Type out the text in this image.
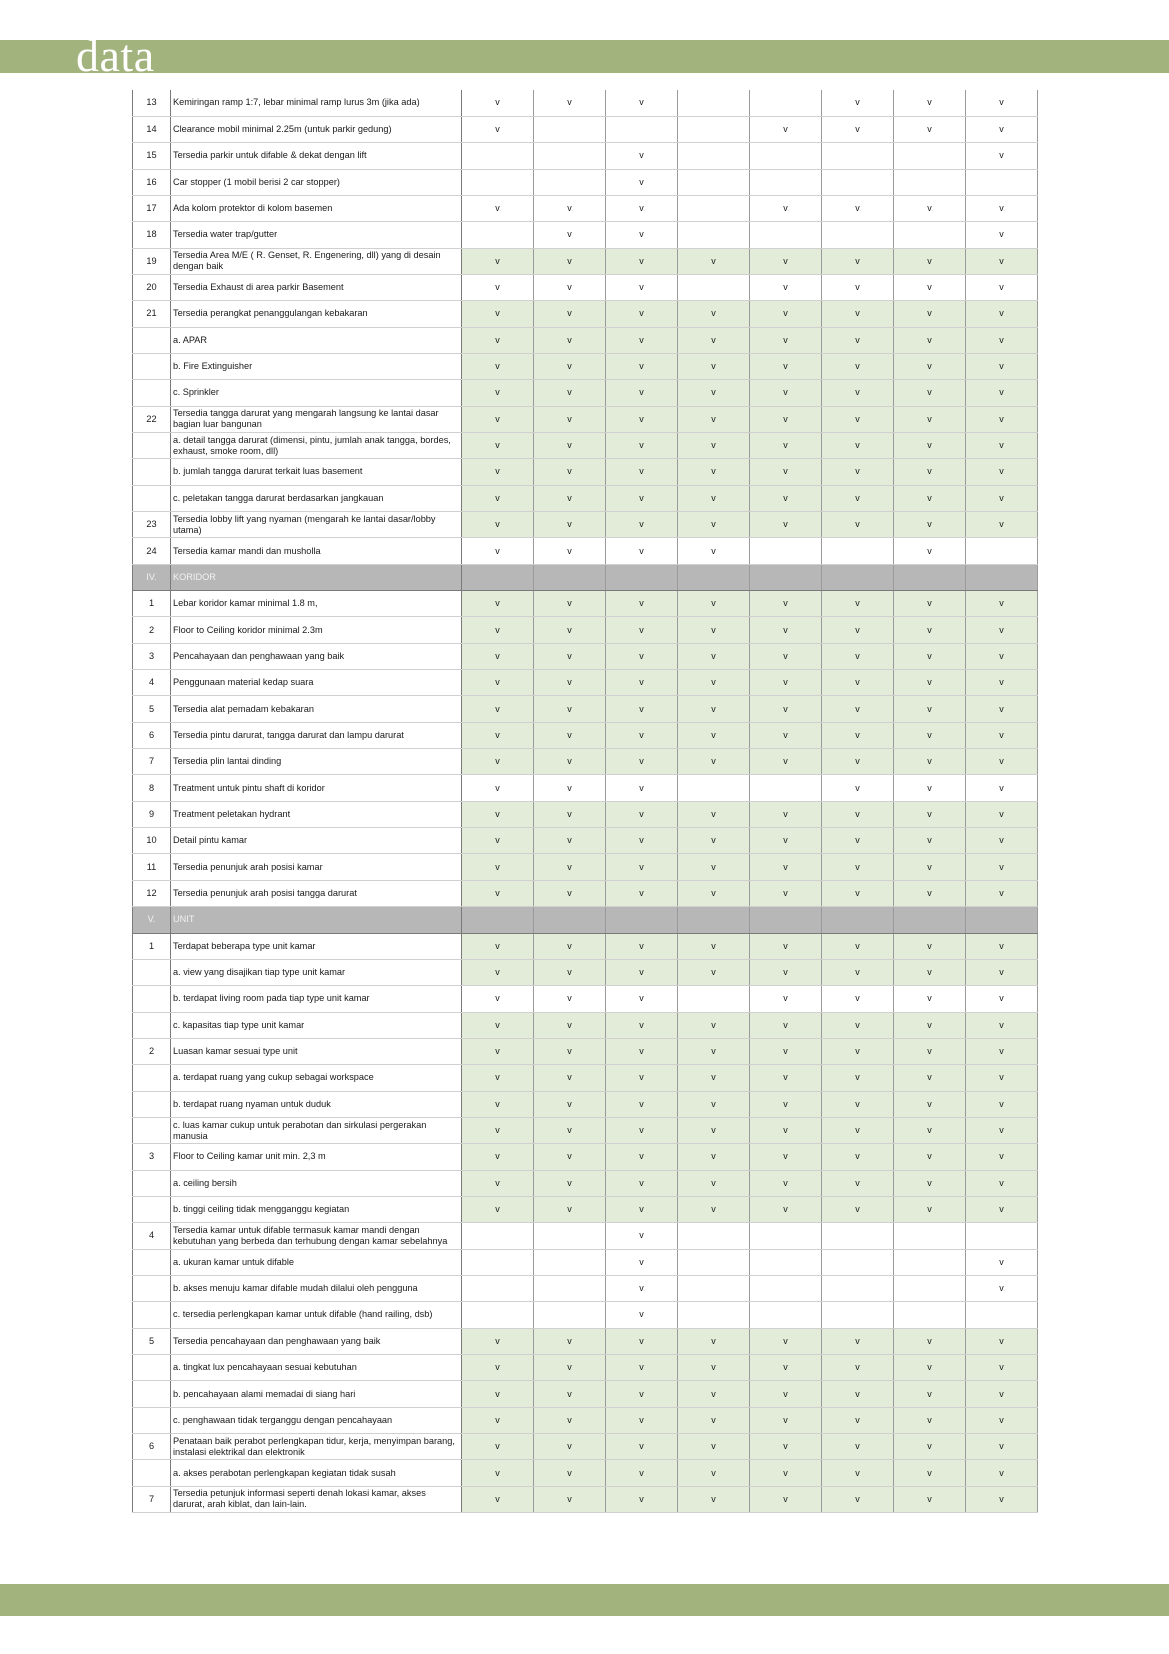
data
13	Kemiringan ramp 1:7, lebar minimal ramp lurus 3m (jika ada)	v	v	v			v	v	v
14	Clearance mobil minimal 2.25m (untuk parkir gedung)	v				v	v	v	v
15	Tersedia parkir untuk difable & dekat dengan lift			v					v
16	Car stopper (1 mobil berisi 2 car stopper)			v					
17	Ada kolom protektor di kolom basemen	v	v	v		v	v	v	v
18	Tersedia water trap/gutter		v	v					v
19	Tersedia Area M/E ( R. Genset, R. Engenering, dll) yang di desain dengan baik	v	v	v	v	v	v	v	v
20	Tersedia Exhaust di area parkir Basement	v	v	v		v	v	v	v
21	Tersedia perangkat penanggulangan kebakaran	v	v	v	v	v	v	v	v
	a. APAR	v	v	v	v	v	v	v	v
	b. Fire Extinguisher	v	v	v	v	v	v	v	v
	c. Sprinkler	v	v	v	v	v	v	v	v
22	Tersedia tangga darurat yang mengarah langsung ke lantai dasar bagian luar bangunan	v	v	v	v	v	v	v	v
	a. detail tangga darurat (dimensi, pintu, jumlah anak tangga, bordes, exhaust, smoke room, dll)	v	v	v	v	v	v	v	v
	b. jumlah tangga darurat terkait luas basement	v	v	v	v	v	v	v	v
	c. peletakan tangga darurat berdasarkan jangkauan	v	v	v	v	v	v	v	v
23	Tersedia lobby lift yang nyaman (mengarah ke lantai dasar/lobby utama)	v	v	v	v	v	v	v	v
24	Tersedia kamar mandi dan musholla	v	v	v	v			v	
IV.	KORIDOR								
1	Lebar koridor kamar minimal 1.8 m,	v	v	v	v	v	v	v	v
2	Floor to Ceiling koridor minimal 2.3m	v	v	v	v	v	v	v	v
3	Pencahayaan dan penghawaan yang baik	v	v	v	v	v	v	v	v
4	Penggunaan material kedap suara	v	v	v	v	v	v	v	v
5	Tersedia alat pemadam kebakaran	v	v	v	v	v	v	v	v
6	Tersedia pintu darurat, tangga darurat dan lampu darurat	v	v	v	v	v	v	v	v
7	Tersedia plin lantai dinding	v	v	v	v	v	v	v	v
8	Treatment untuk pintu shaft di koridor	v	v	v			v	v	v
9	Treatment peletakan hydrant	v	v	v	v	v	v	v	v
10	Detail pintu kamar	v	v	v	v	v	v	v	v
11	Tersedia penunjuk arah posisi kamar	v	v	v	v	v	v	v	v
12	Tersedia penunjuk arah posisi tangga darurat	v	v	v	v	v	v	v	v
V.	UNIT								
1	Terdapat beberapa type unit kamar	v	v	v	v	v	v	v	v
	a. view yang disajikan tiap type unit kamar	v	v	v	v	v	v	v	v
	b. terdapat living room pada tiap type unit kamar	v	v	v		v	v	v	v
	c. kapasitas tiap type unit kamar	v	v	v	v	v	v	v	v
2	Luasan kamar sesuai type unit	v	v	v	v	v	v	v	v
	a. terdapat ruang yang cukup sebagai workspace	v	v	v	v	v	v	v	v
	b. terdapat ruang nyaman untuk duduk	v	v	v	v	v	v	v	v
	c. luas kamar cukup untuk perabotan dan sirkulasi pergerakan manusia	v	v	v	v	v	v	v	v
3	Floor to Ceiling kamar unit min. 2,3 m	v	v	v	v	v	v	v	v
	a. ceiling bersih	v	v	v	v	v	v	v	v
	b. tinggi ceiling tidak mengganggu kegiatan	v	v	v	v	v	v	v	v
4	Tersedia kamar untuk difable termasuk kamar mandi dengan kebutuhan yang berbeda dan terhubung dengan kamar sebelahnya			v					
	a. ukuran kamar untuk difable			v					v
	b. akses menuju kamar difable mudah dilalui oleh pengguna			v					v
	c. tersedia perlengkapan kamar untuk difable (hand railing, dsb)			v					
5	Tersedia pencahayaan dan penghawaan yang baik	v	v	v	v	v	v	v	v
	a. tingkat lux pencahayaan sesuai kebutuhan	v	v	v	v	v	v	v	v
	b. pencahayaan alami memadai di siang hari	v	v	v	v	v	v	v	v
	c. penghawaan tidak terganggu dengan pencahayaan	v	v	v	v	v	v	v	v
6	Penataan baik perabot perlengkapan tidur, kerja, menyimpan barang, instalasi elektrikal dan elektronik	v	v	v	v	v	v	v	v
	a. akses perabotan perlengkapan kegiatan tidak susah	v	v	v	v	v	v	v	v
7	Tersedia petunjuk informasi seperti denah lokasi kamar, akses darurat, arah kiblat, dan lain-lain.	v	v	v	v	v	v	v	v
